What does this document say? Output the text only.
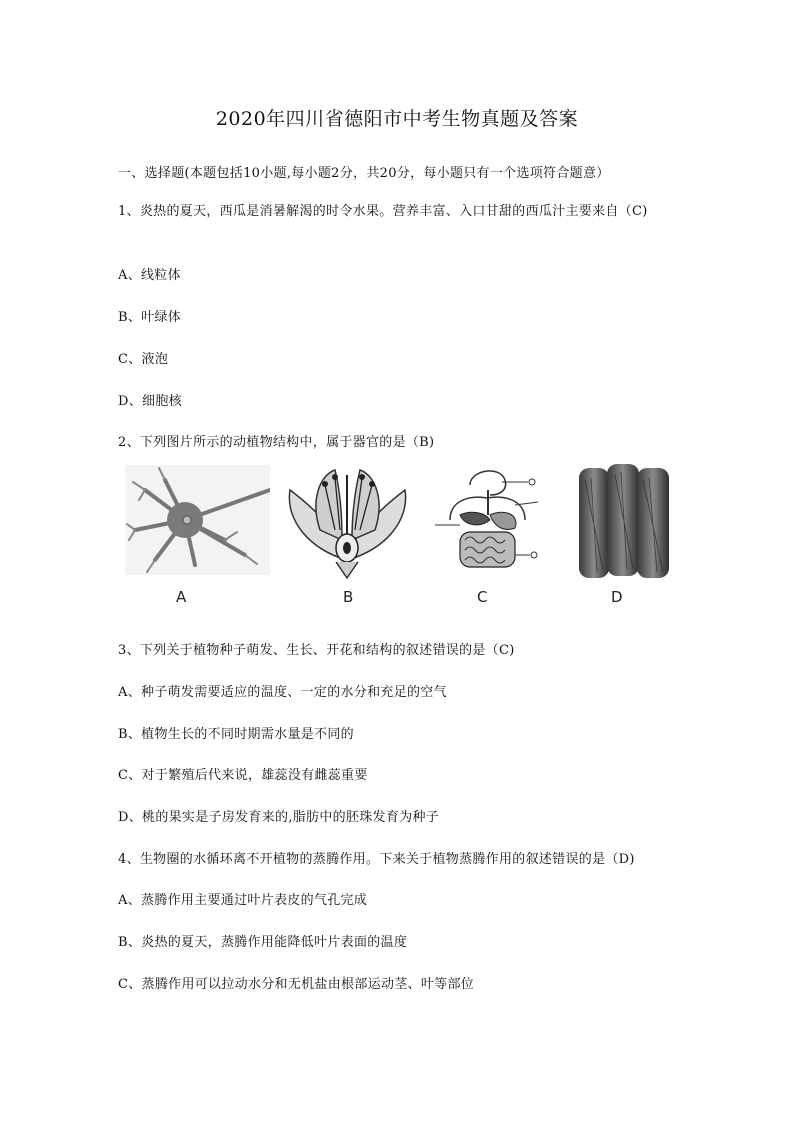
2020年四川省德阳市中考生物真题及答案
一、选择题(本题包括10小题,每小题2分，共20分，每小题只有一个选项符合题意）
1、炎热的夏天，西瓜是消暑解渴的时令水果。营养丰富、入口甘甜的西瓜汁主要来自（C)
A、线粒体
B、叶绿体
C、液泡
D、细胞核
2、下列图片所示的动植物结构中，属于器官的是（B)
A	B	C	D
3、下列关于植物种子萌发、生长、开花和结构的叙述错误的是（C)
A、种子萌发需要适应的温度、一定的水分和充足的空气
B、植物生长的不同时期需水量是不同的
C、对于繁殖后代来说，雄蕊没有雌蕊重要
D、桃的果实是子房发育来的,脂肪中的胚珠发育为种子
4、生物圈的水循环离不开植物的蒸腾作用。下来关于植物蒸腾作用的叙述错误的是（D)
A、蒸腾作用主要通过叶片表皮的气孔完成
B、炎热的夏天，蒸腾作用能降低叶片表面的温度
C、蒸腾作用可以拉动水分和无机盐由根部运动茎、叶等部位
